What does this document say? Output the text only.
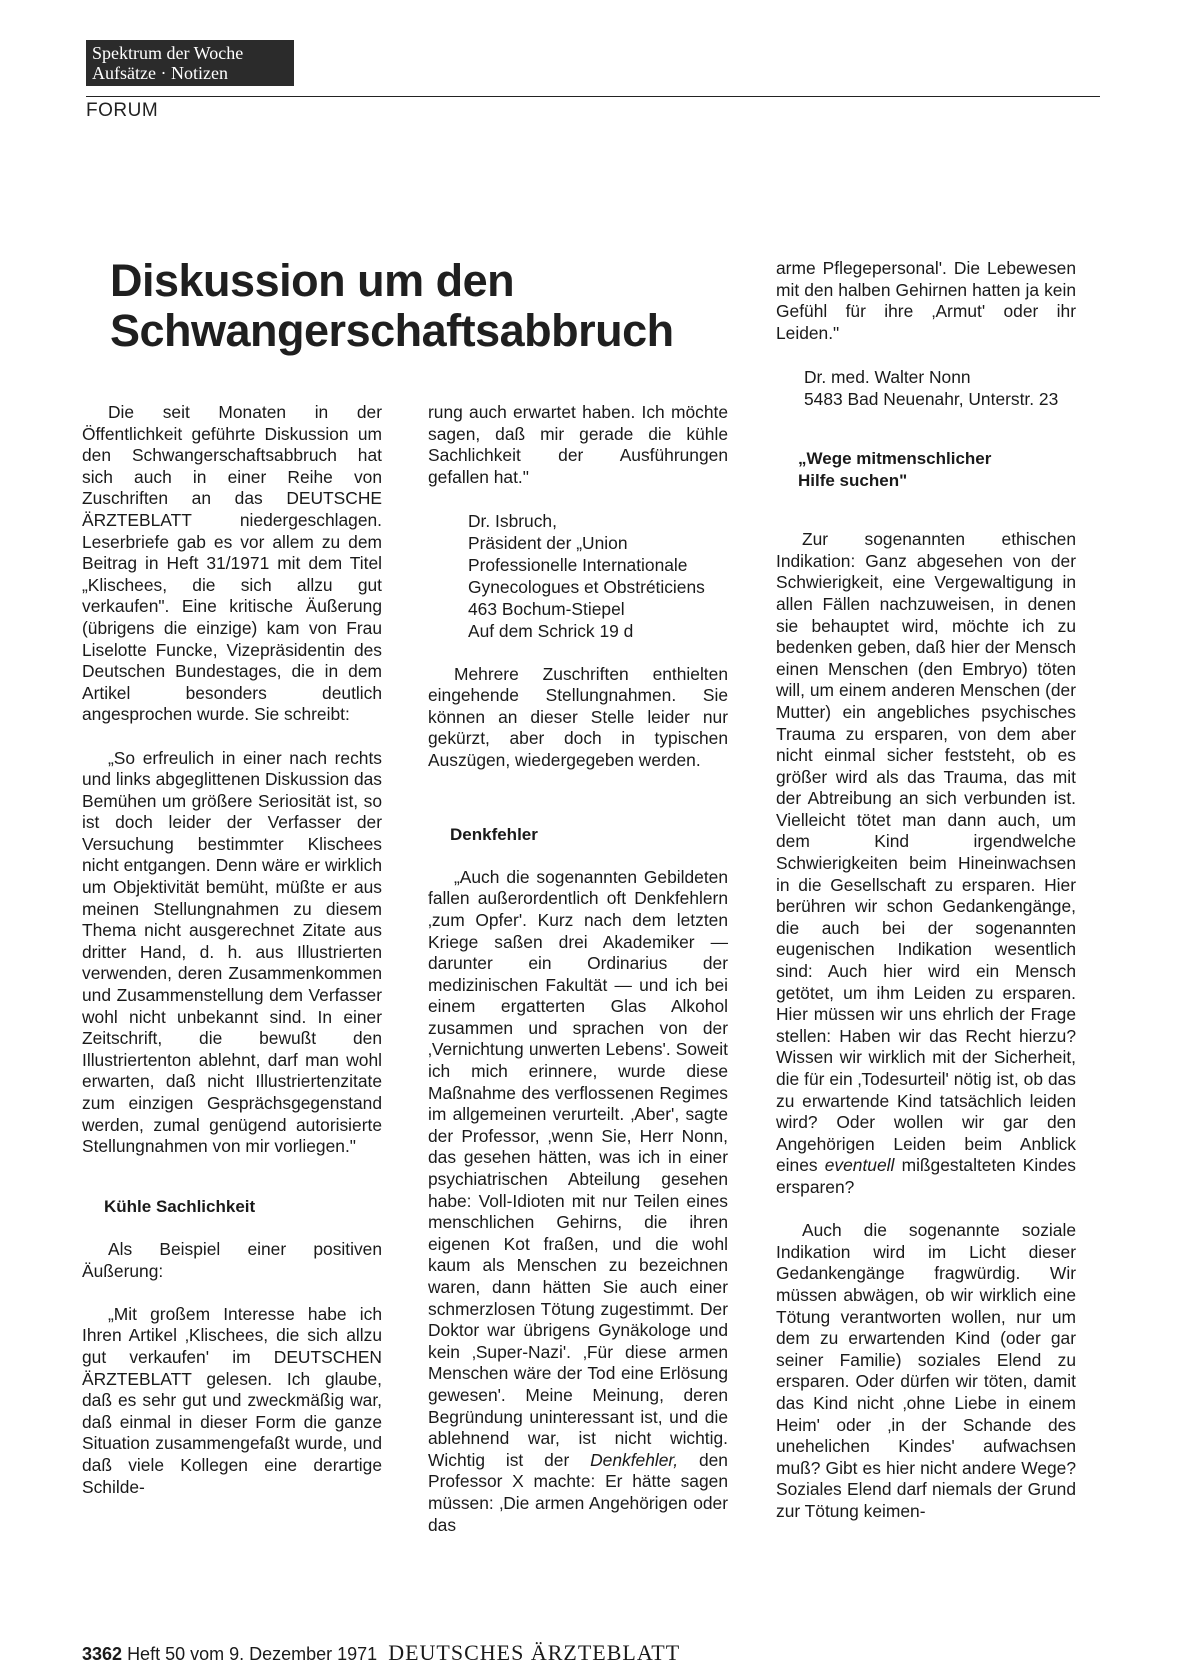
Spektrum der Woche
Aufsätze · Notizen
FORUM
Diskussion um den
Schwangerschaftsabbruch

Die seit Monaten in der Öffentlichkeit geführte Diskussion um den Schwangerschaftsabbruch hat sich auch in einer Reihe von Zuschriften an das DEUTSCHE ÄRZTEBLATT niedergeschlagen. Leserbriefe gab es vor allem zu dem Beitrag in Heft 31/1971 mit dem Titel „Klischees, die sich allzu gut verkaufen". Eine kritische Äußerung (übrigens die einzige) kam von Frau Liselotte Funcke, Vizepräsidentin des Deutschen Bundestages, die in dem Artikel besonders deutlich angesprochen wurde. Sie schreibt:

„So erfreulich in einer nach rechts und links abgeglittenen Diskussion das Bemühen um größere Seriosität ist, so ist doch leider der Verfasser der Versuchung bestimmter Klischees nicht entgangen. Denn wäre er wirklich um Objektivität bemüht, müßte er aus meinen Stellungnahmen zu diesem Thema nicht ausgerechnet Zitate aus dritter Hand, d. h. aus Illustrierten verwenden, deren Zusammenkommen und Zusammenstellung dem Verfasser wohl nicht unbekannt sind. In einer Zeitschrift, die bewußt den Illustriertenton ablehnt, darf man wohl erwarten, daß nicht Illustriertenzitate zum einzigen Gesprächsgegenstand werden, zumal genügend autorisierte Stellungnahmen von mir vorliegen."

Kühle Sachlichkeit

Als Beispiel einer positiven Äußerung:

„Mit großem Interesse habe ich Ihren Artikel ‚Klischees, die sich allzu gut verkaufen' im DEUTSCHEN ÄRZTEBLATT gelesen. Ich glaube, daß es sehr gut und zweckmäßig war, daß einmal in dieser Form die ganze Situation zusammengefaßt wurde, und daß viele Kollegen eine derartige Schilde-

rung auch erwartet haben. Ich möchte sagen, daß mir gerade die kühle Sachlichkeit der Ausführungen gefallen hat."

Dr. Isbruch,
Präsident der „Union
Professionelle Internationale
Gynecologues et Obstréticiens
463 Bochum-Stiepel
Auf dem Schrick 19 d

Mehrere Zuschriften enthielten eingehende Stellungnahmen. Sie können an dieser Stelle leider nur gekürzt, aber doch in typischen Auszügen, wiedergegeben werden.

Denkfehler

„Auch die sogenannten Gebildeten fallen außerordentlich oft Denkfehlern ‚zum Opfer'. Kurz nach dem letzten Kriege saßen drei Akademiker — darunter ein Ordinarius der medizinischen Fakultät — und ich bei einem ergatterten Glas Alkohol zusammen und sprachen von der ‚Vernichtung unwerten Lebens'. Soweit ich mich erinnere, wurde diese Maßnahme des verflossenen Regimes im allgemeinen verurteilt. ‚Aber', sagte der Professor, ‚wenn Sie, Herr Nonn, das gesehen hätten, was ich in einer psychiatrischen Abteilung gesehen habe: Voll-Idioten mit nur Teilen eines menschlichen Gehirns, die ihren eigenen Kot fraßen, und die wohl kaum als Menschen zu bezeichnen waren, dann hätten Sie auch einer schmerzlosen Tötung zugestimmt. Der Doktor war übrigens Gynäkologe und kein ‚Super-Nazi'. ‚Für diese armen Menschen wäre der Tod eine Erlösung gewesen'. Meine Meinung, deren Begründung uninteressant ist, und die ablehnend war, ist nicht wichtig. Wichtig ist der Denkfehler, den Professor X machte: Er hätte sagen müssen: ‚Die armen Angehörigen oder das

arme Pflegepersonal'. Die Lebewesen mit den halben Gehirnen hatten ja kein Gefühl für ihre ‚Armut' oder ihr Leiden."

Dr. med. Walter Nonn
5483 Bad Neuenahr, Unterstr. 23
„Wege mitmenschlicher
Hilfe suchen"

Zur sogenannten ethischen Indikation: Ganz abgesehen von der Schwierigkeit, eine Vergewaltigung in allen Fällen nachzuweisen, in denen sie behauptet wird, möchte ich zu bedenken geben, daß hier der Mensch einen Menschen (den Embryo) töten will, um einem anderen Menschen (der Mutter) ein angebliches psychisches Trauma zu ersparen, von dem aber nicht einmal sicher feststeht, ob es größer wird als das Trauma, das mit der Abtreibung an sich verbunden ist. Vielleicht tötet man dann auch, um dem Kind irgendwelche Schwierigkeiten beim Hineinwachsen in die Gesellschaft zu ersparen. Hier berühren wir schon Gedankengänge, die auch bei der sogenannten eugenischen Indikation wesentlich sind: Auch hier wird ein Mensch getötet, um ihm Leiden zu ersparen. Hier müssen wir uns ehrlich der Frage stellen: Haben wir das Recht hierzu? Wissen wir wirklich mit der Sicherheit, die für ein ‚Todesurteil' nötig ist, ob das zu erwartende Kind tatsächlich leiden wird? Oder wollen wir gar den Angehörigen Leiden beim Anblick eines eventuell mißgestalteten Kindes ersparen?

Auch die sogenannte soziale Indikation wird im Licht dieser Gedankengänge fragwürdig. Wir müssen abwägen, ob wir wirklich eine Tötung verantworten wollen, nur um dem zu erwartenden Kind (oder gar seiner Familie) soziales Elend zu ersparen. Oder dürfen wir töten, damit das Kind nicht ‚ohne Liebe in einem Heim' oder ‚in der Schande des unehelichen Kindes' aufwachsen muß? Gibt es hier nicht andere Wege? Soziales Elend darf niemals der Grund zur Tötung keimen-

3362 Heft 50 vom 9. Dezember 1971 DEUTSCHES ÄRZTEBLATT
